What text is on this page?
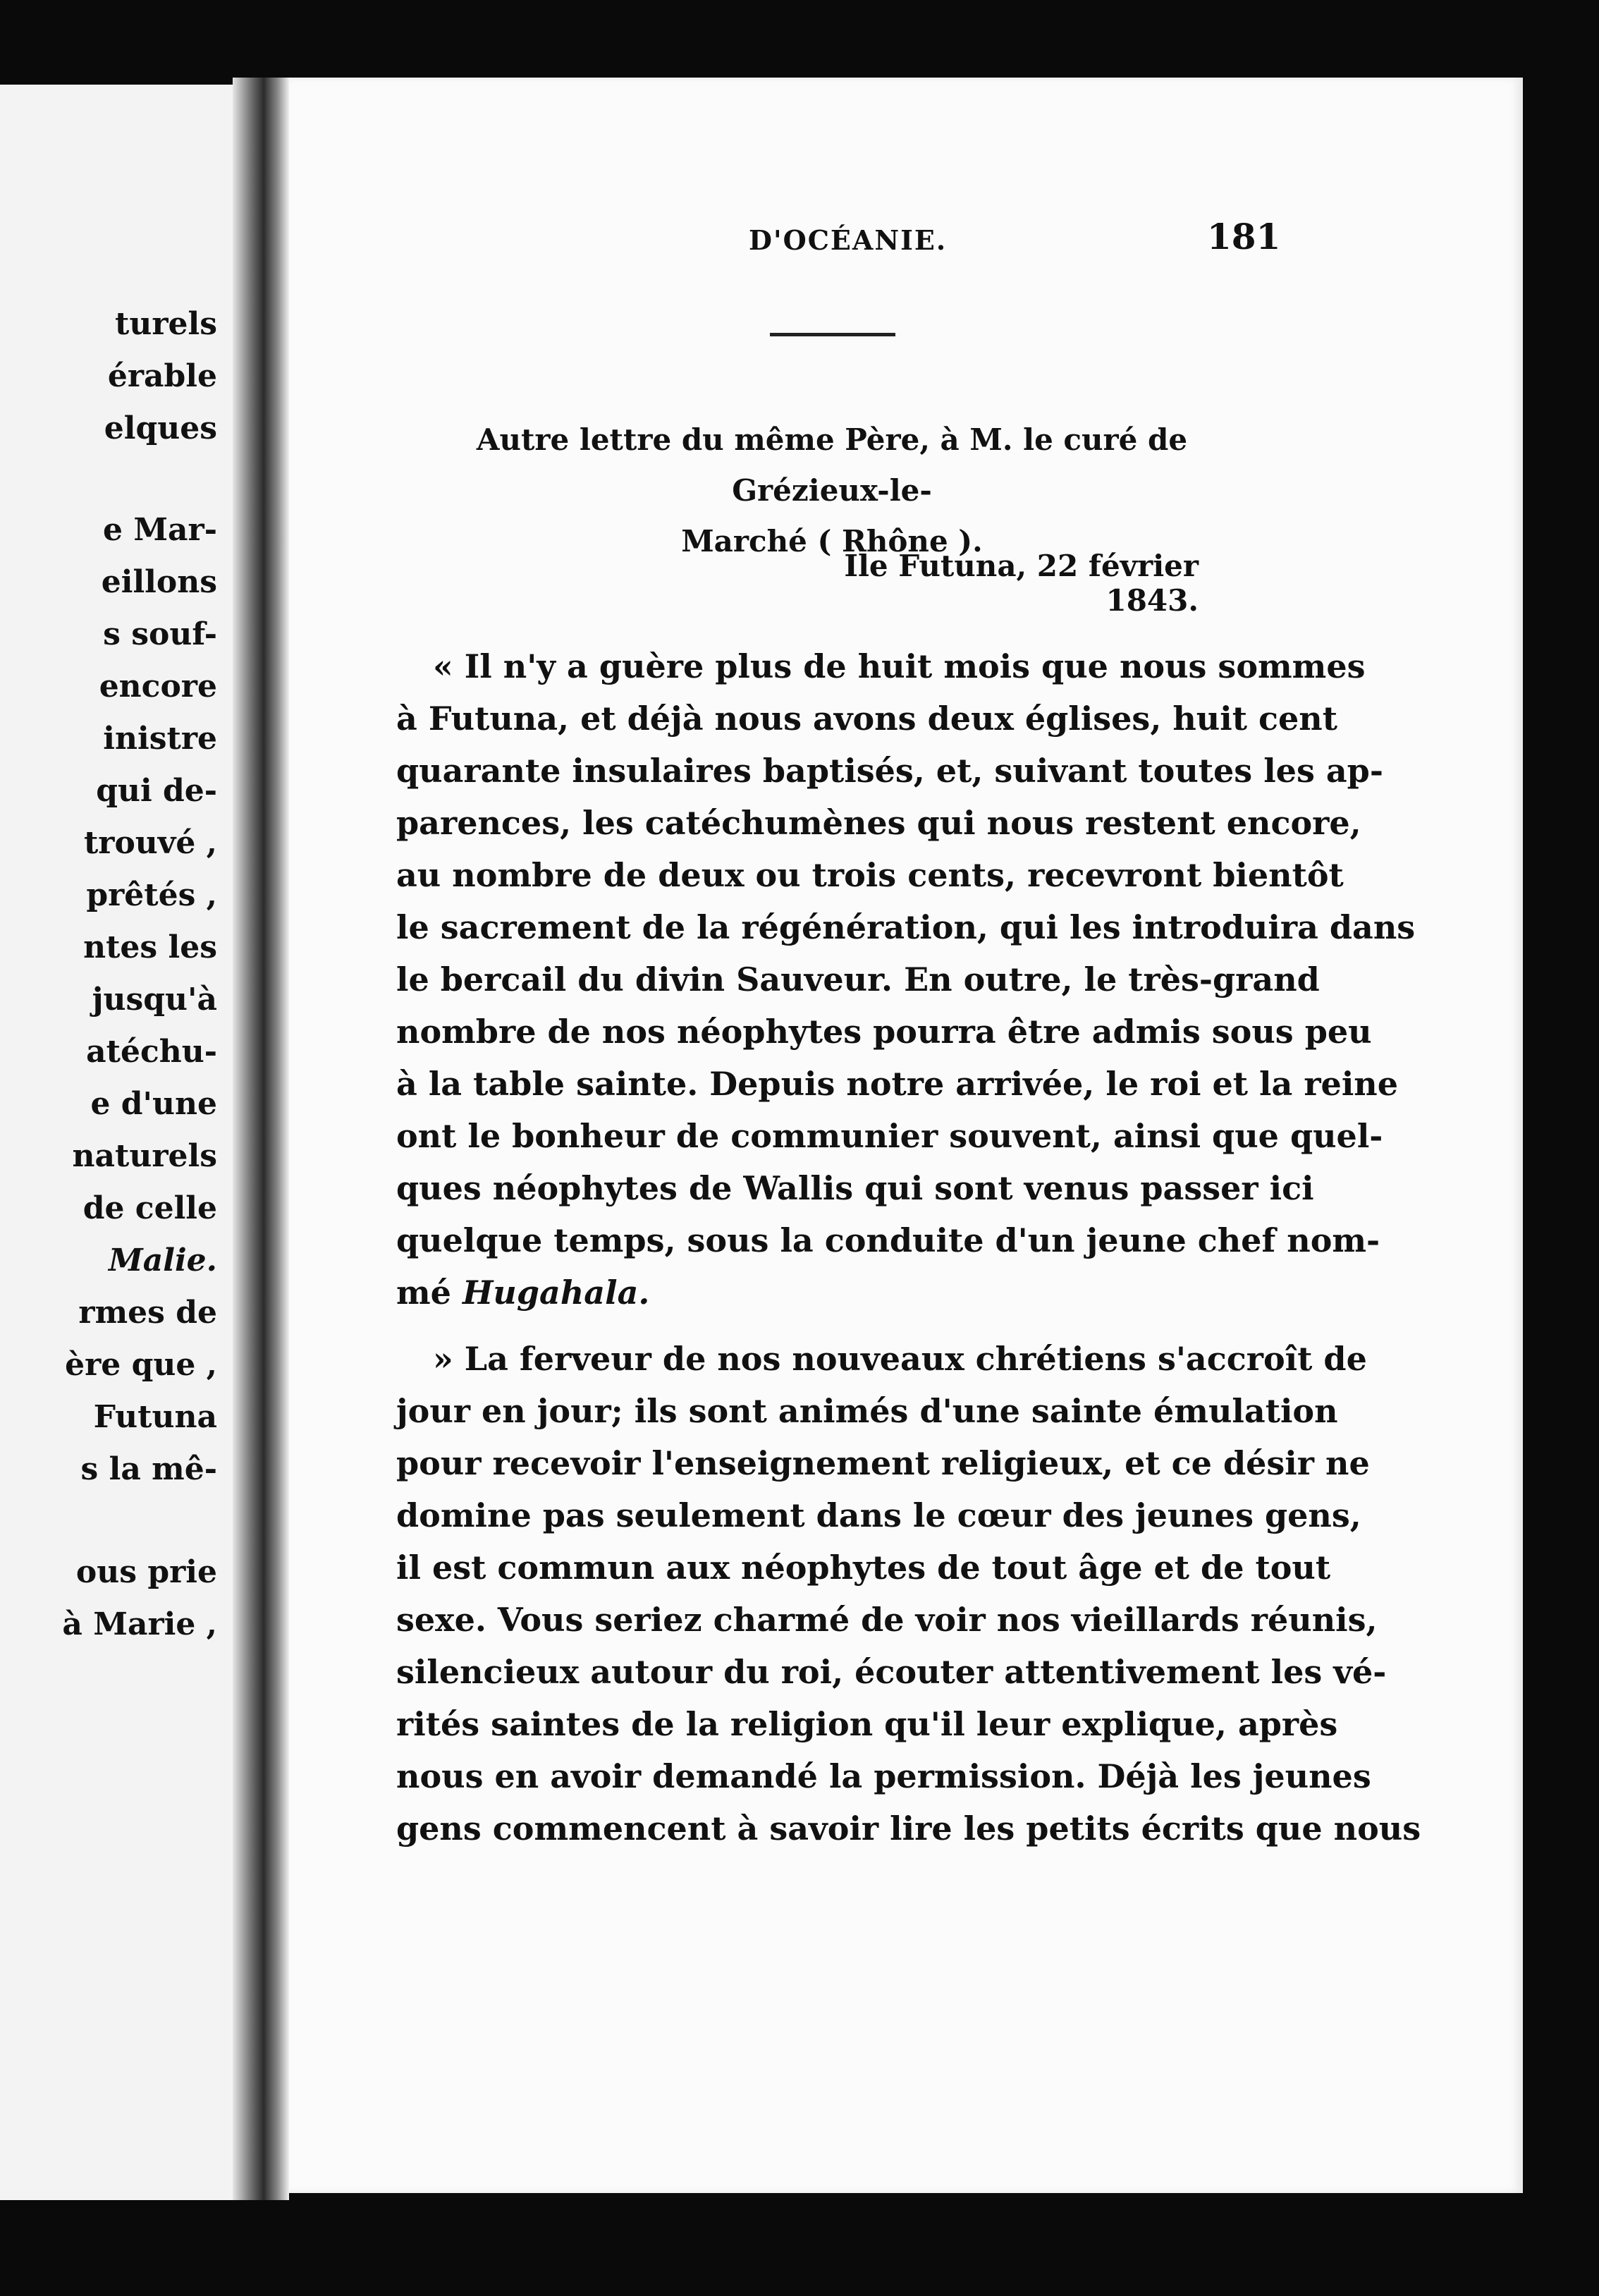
turels
érable
elques
e Mar-
eillons
s souf-
encore
inistre
qui de-
trouvé ,
prêtés ,
ntes les
jusqu'à
atéchu-
e d'une
naturels
de celle
Malie.
rmes de
ère que ,
Futuna
s la mê-
ous prie
à Marie ,
D'OCÉANIE.	181
Autre lettre du même Père, à M. le curé de Grézieux-le-
Marché ( Rhône ).
Ile Futuna, 22 février 1843.
« Il n'y a guère plus de huit mois que nous sommes
à Futuna, et déjà nous avons deux églises, huit cent
quarante insulaires baptisés, et, suivant toutes les ap-
parences, les catéchumènes qui nous restent encore,
au nombre de deux ou trois cents, recevront bientôt
le sacrement de la régénération, qui les introduira dans
le bercail du divin Sauveur. En outre, le très-grand
nombre de nos néophytes pourra être admis sous peu
à la table sainte. Depuis notre arrivée, le roi et la reine
ont le bonheur de communier souvent, ainsi que quel-
ques néophytes de Wallis qui sont venus passer ici
quelque temps, sous la conduite d'un jeune chef nom-
mé Hugahala.
» La ferveur de nos nouveaux chrétiens s'accroît de
jour en jour; ils sont animés d'une sainte émulation
pour recevoir l'enseignement religieux, et ce désir ne
domine pas seulement dans le cœur des jeunes gens,
il est commun aux néophytes de tout âge et de tout
sexe. Vous seriez charmé de voir nos vieillards réunis,
silencieux autour du roi, écouter attentivement les vé-
rités saintes de la religion qu'il leur explique, après
nous en avoir demandé la permission. Déjà les jeunes
gens commencent à savoir lire les petits écrits que nous
